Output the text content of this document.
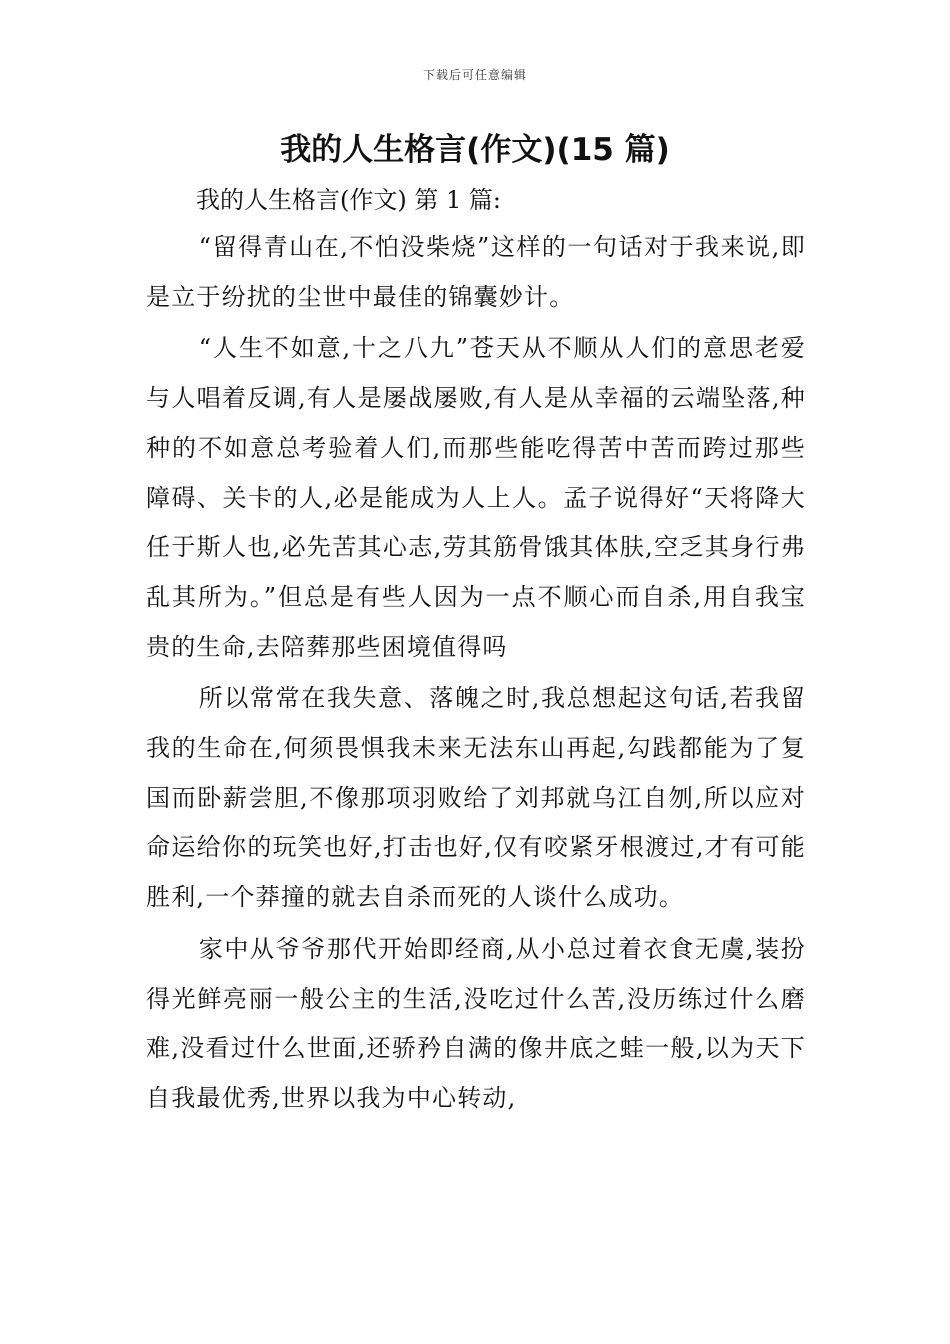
下载后可任意编辑
我的人生格言(作文)(15 篇)
我的人生格言(作文) 第 1 篇:

“留得青山在,不怕没柴烧”这样的一句话对于我来说,即是立于纷扰的尘世中最佳的锦囊妙计。

“人生不如意,十之八九”苍天从不顺从人们的意思老爱与人唱着反调,有人是屡战屡败,有人是从幸福的云端坠落,种种的不如意总考验着人们,而那些能吃得苦中苦而跨过那些障碍、关卡的人,必是能成为人上人。孟子说得好“天将降大任于斯人也,必先苦其心志,劳其筋骨饿其体肤,空乏其身行弗乱其所为。”但总是有些人因为一点不顺心而自杀,用自我宝贵的生命,去陪葬那些困境值得吗

所以常常在我失意、落魄之时,我总想起这句话,若我留我的生命在,何须畏惧我未来无法东山再起,勾践都能为了复国而卧薪尝胆,不像那项羽败给了刘邦就乌江自刎,所以应对命运给你的玩笑也好,打击也好,仅有咬紧牙根渡过,才有可能胜利,一个莽撞的就去自杀而死的人谈什么成功。

家中从爷爷那代开始即经商,从小总过着衣食无虞,装扮得光鲜亮丽一般公主的生活,没吃过什么苦,没历练过什么磨难,没看过什么世面,还骄矜自满的像井底之蛙一般,以为天下自我最优秀,世界以我为中心转动,
